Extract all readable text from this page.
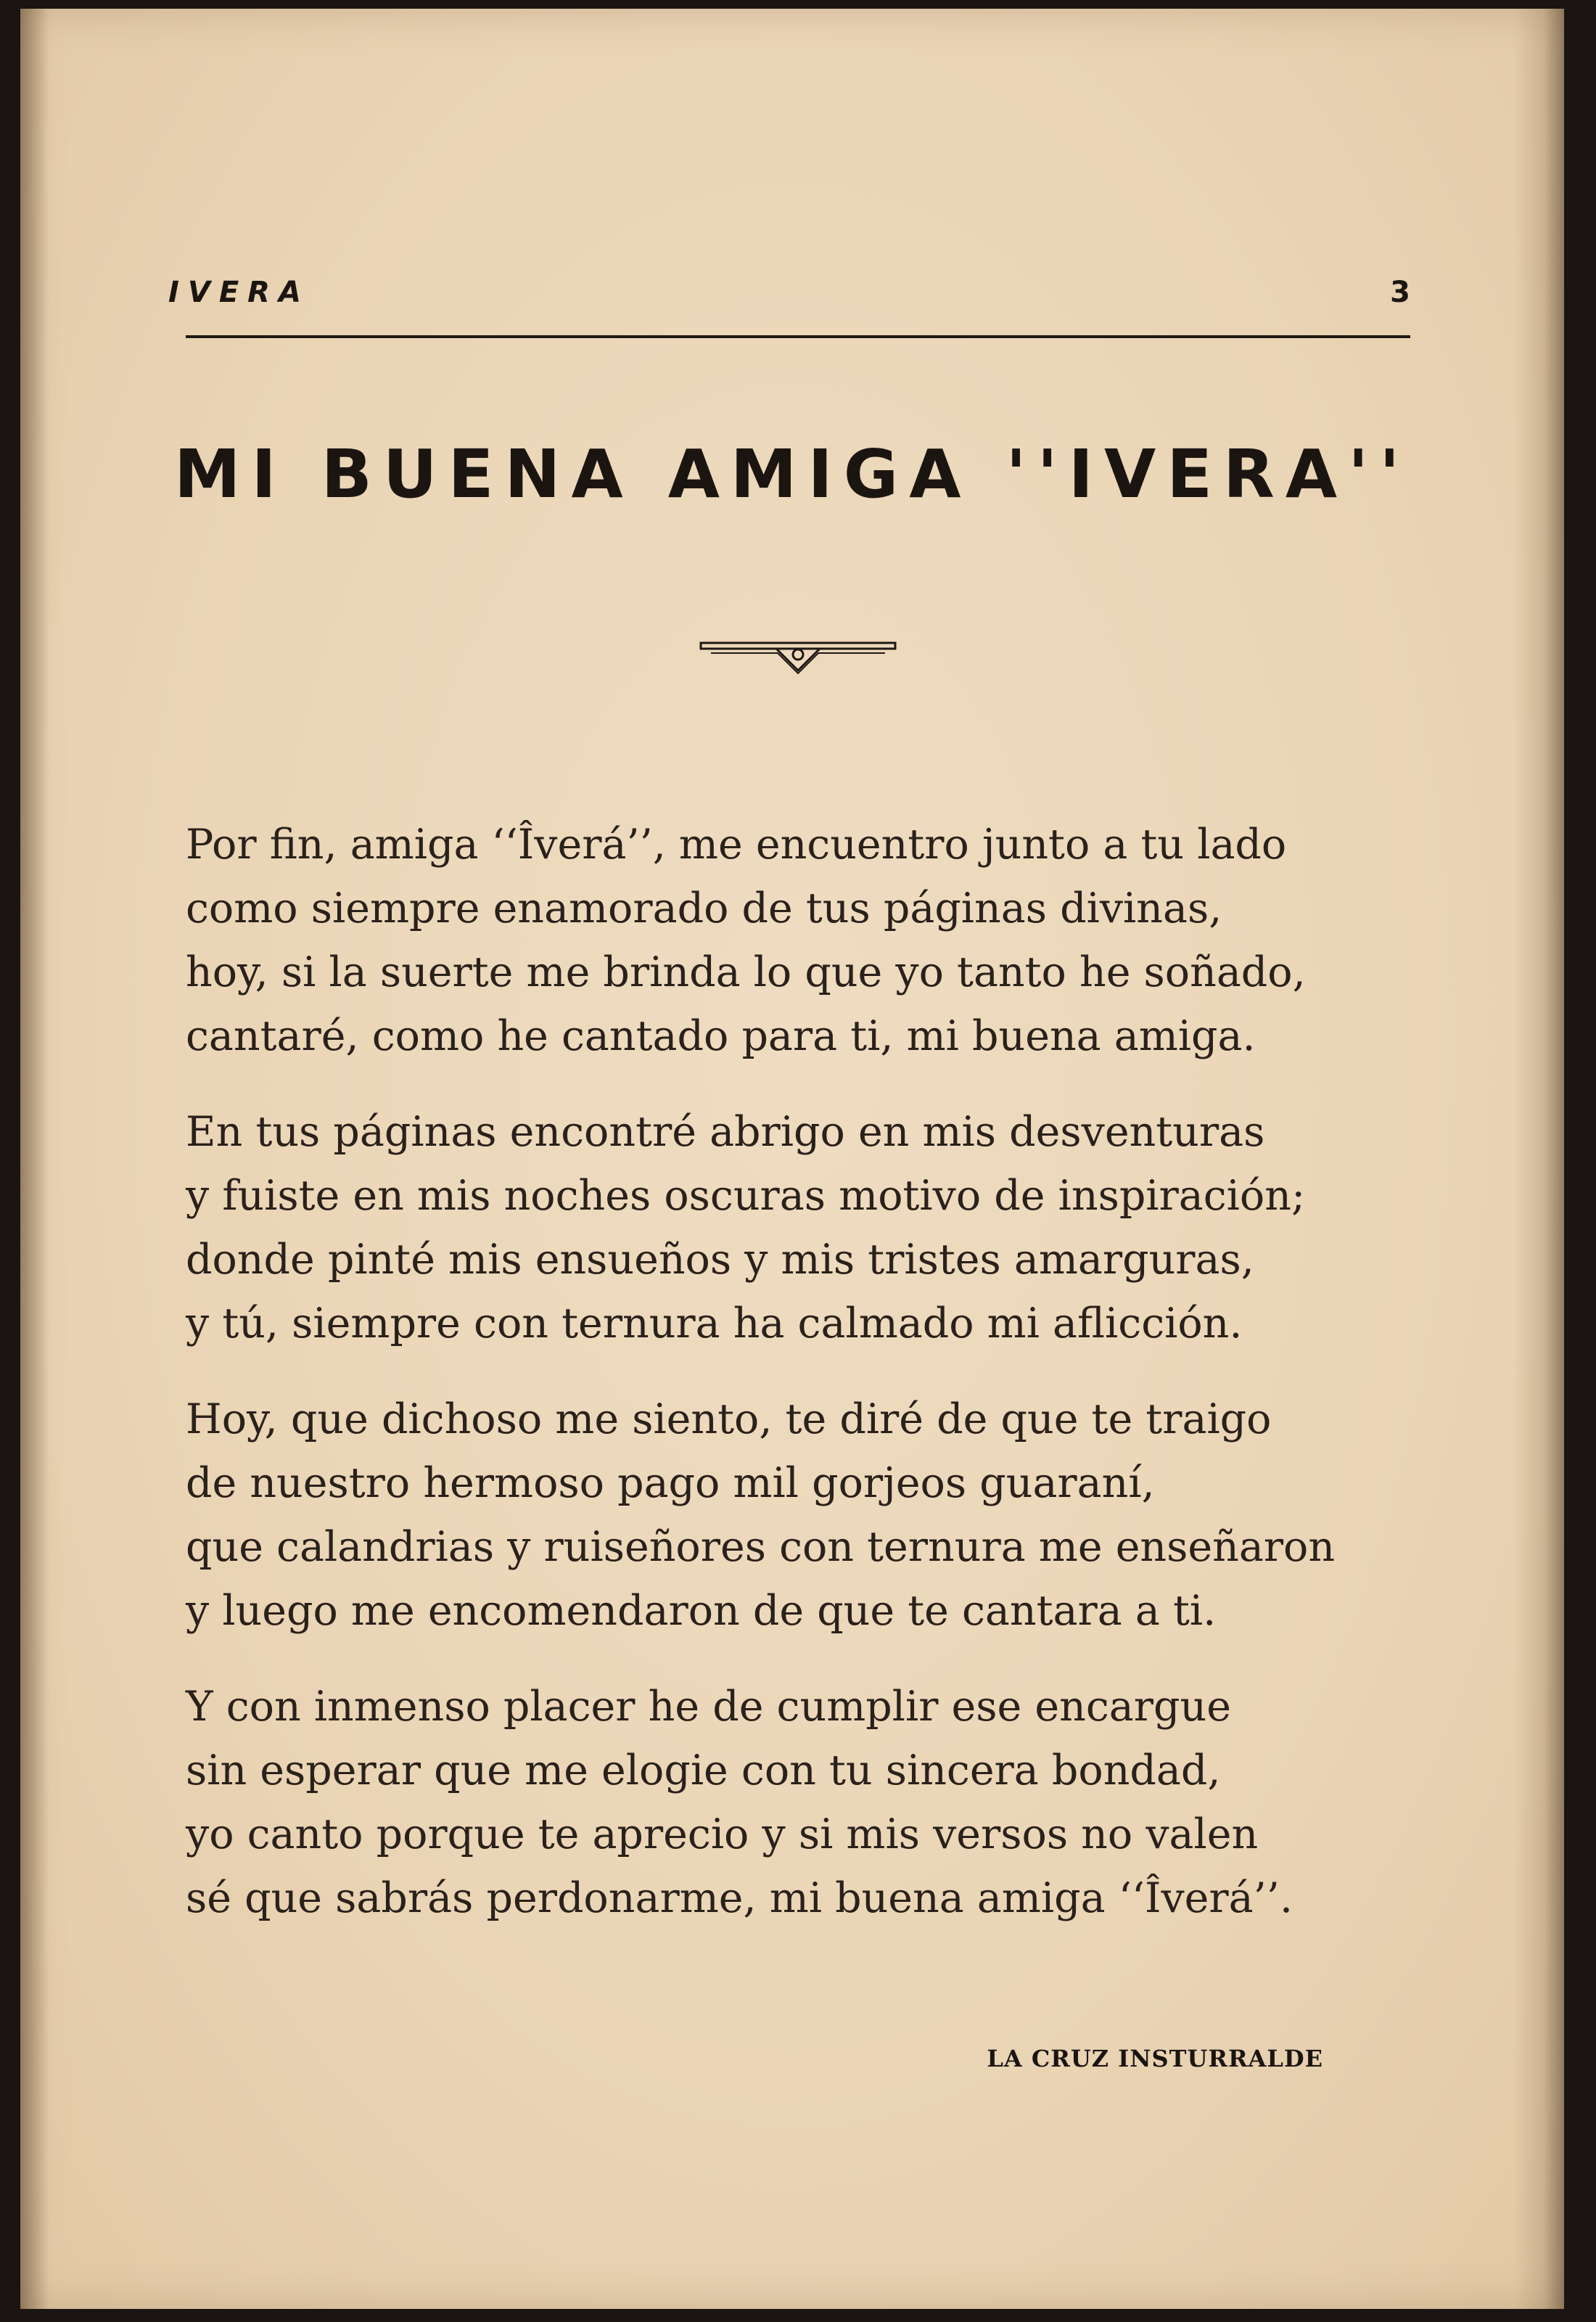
IVERA	3
MI BUENA AMIGA ''IVERA''
Por fin, amiga ‘‘Îverá’’, me encuentro junto a tu lado
como siempre enamorado de tus páginas divinas,
hoy, si la suerte me brinda lo que yo tanto he soñado,
cantaré, como he cantado para ti, mi buena amiga.
En tus páginas encontré abrigo en mis desventuras
y fuiste en mis noches oscuras motivo de inspiración;
donde pinté mis ensueños y mis tristes amarguras,
y tú, siempre con ternura ha calmado mi aflicción.
Hoy, que dichoso me siento, te diré de que te traigo
de nuestro hermoso pago mil gorjeos guaraní,
que calandrias y ruiseñores con ternura me enseñaron
y luego me encomendaron de que te cantara a ti.
Y con inmenso placer he de cumplir ese encargue
sin esperar que me elogie con tu sincera bondad,
yo canto porque te aprecio y si mis versos no valen
sé que sabrás perdonarme, mi buena amiga ‘‘Îverá’’.
LA CRUZ INSTURRALDE
